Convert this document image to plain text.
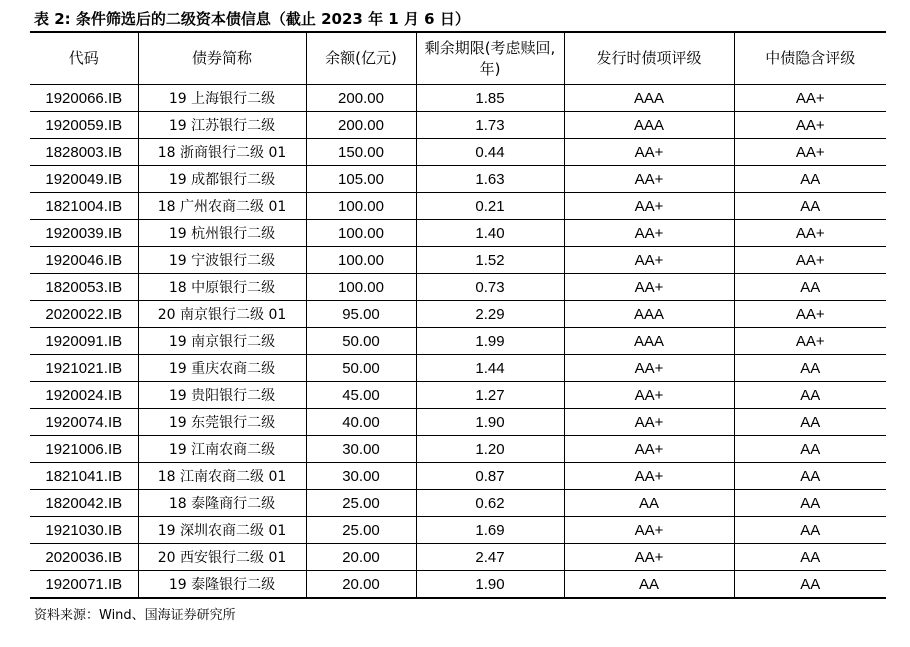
表 2: 条件筛选后的二级资本债信息（截止 2023 年 1 月 6 日）
代码	债券简称	余额(亿元)	剩余期限(考虑赎回,年)	发行时债项评级	中债隐含评级
1920066.IB	19 上海银行二级	200.00	1.85	AAA	AA+
1920059.IB	19 江苏银行二级	200.00	1.73	AAA	AA+
1828003.IB	18 浙商银行二级 01	150.00	0.44	AA+	AA+
1920049.IB	19 成都银行二级	105.00	1.63	AA+	AA
1821004.IB	18 广州农商二级 01	100.00	0.21	AA+	AA
1920039.IB	19 杭州银行二级	100.00	1.40	AA+	AA+
1920046.IB	19 宁波银行二级	100.00	1.52	AA+	AA+
1820053.IB	18 中原银行二级	100.00	0.73	AA+	AA
2020022.IB	20 南京银行二级 01	95.00	2.29	AAA	AA+
1920091.IB	19 南京银行二级	50.00	1.99	AAA	AA+
1921021.IB	19 重庆农商二级	50.00	1.44	AA+	AA
1920024.IB	19 贵阳银行二级	45.00	1.27	AA+	AA
1920074.IB	19 东莞银行二级	40.00	1.90	AA+	AA
1921006.IB	19 江南农商二级	30.00	1.20	AA+	AA
1821041.IB	18 江南农商二级 01	30.00	0.87	AA+	AA
1820042.IB	18 泰隆商行二级	25.00	0.62	AA	AA
1921030.IB	19 深圳农商二级 01	25.00	1.69	AA+	AA
2020036.IB	20 西安银行二级 01	20.00	2.47	AA+	AA
1920071.IB	19 泰隆银行二级	20.00	1.90	AA	AA
资料来源：Wind、国海证券研究所
